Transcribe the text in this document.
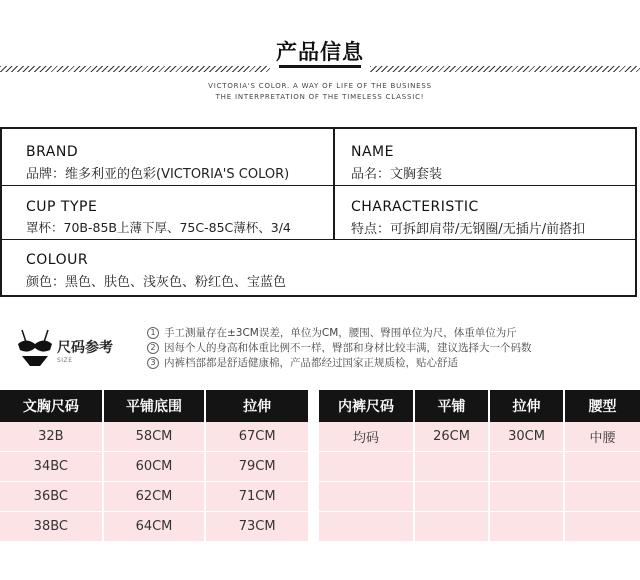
产品信息
VICTORIA'S COLOR. A WAY OF LIFE OF THE BUSINESS
THE INTERPRETATION OF THE TIMELESS CLASSIC!
BRAND
品牌：维多利亚的色彩(VICTORIA'S COLOR)
NAME
品名：文胸套装
CUP TYPE
罩杯：70B-85B上薄下厚、75C-85C薄杯、3/4
CHARACTERISTIC
特点：可拆卸肩带/无钢圈/无插片/前搭扣
COLOUR
颜色：黑色、肤色、浅灰色、粉红色、宝蓝色
尺码参考
SIZE
1 手工测量存在±3CM误差，单位为CM，腰围、臀围单位为尺，体重单位为斤
2 因每个人的身高和体重比例不一样，臀部和身材比较丰满，建议选择大一个码数
3 内裤档部都是舒适健康棉，产品都经过国家正规质检，贴心舒适
文胸尺码	平铺底围	拉伸
32B	58CM	67CM
34BC	60CM	79CM
36BC	62CM	71CM
38BC	64CM	73CM
内裤尺码	平铺	拉伸	腰型
均码	26CM	30CM	中腰
